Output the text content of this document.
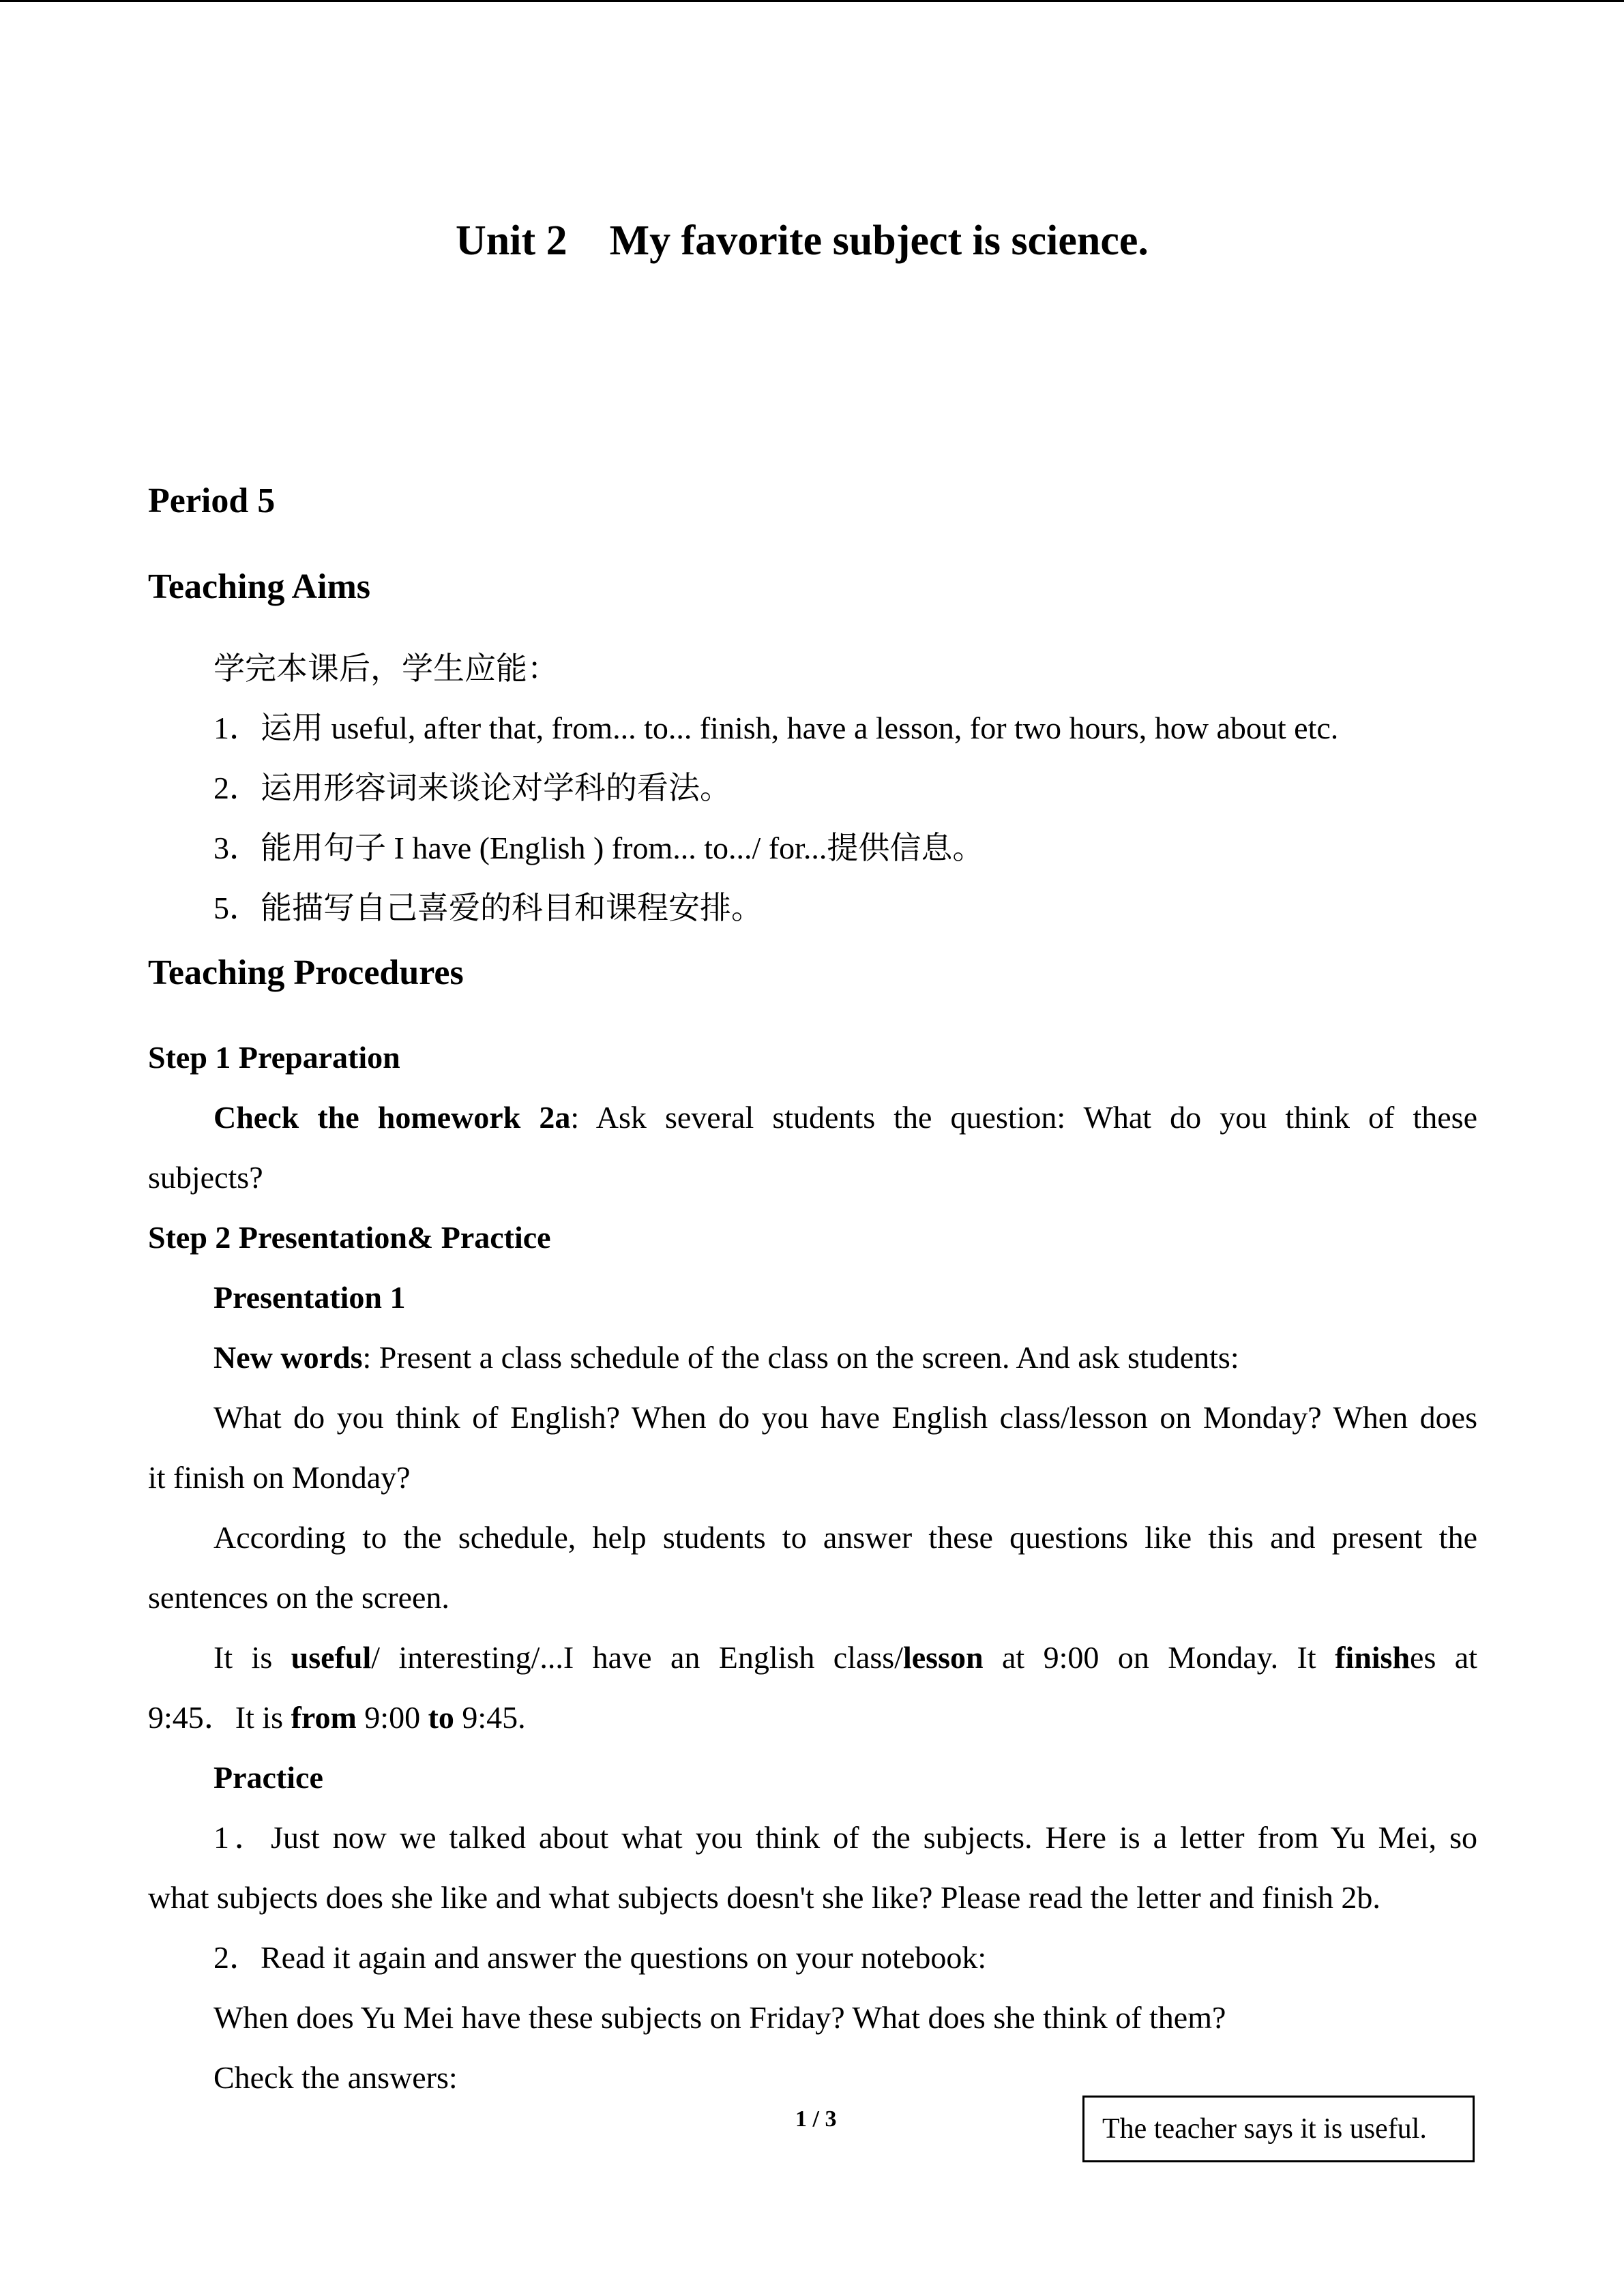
Unit 2　My favorite subject is science.
Period 5
Teaching Aims
学完本课后，学生应能：
1．运用 useful, after that, from... to... finish, have a lesson, for two hours, how about etc.
2．运用形容词来谈论对学科的看法。
3．能用句子 I have (English ) from... to.../ for...提供信息。
5．能描写自己喜爱的科目和课程安排。
Teaching Procedures
Step 1 Preparation
Check the homework 2a: Ask several students the question: What do you think of these
subjects?
Step 2 Presentation& Practice
Presentation 1
New words: Present a class schedule of the class on the screen. And ask students:
What do you think of English? When do you have English class/lesson on Monday? When does
it finish on Monday?
According to the schedule, help students to answer these questions like this and present the
sentences on the screen.
It is useful/ interesting/...I have an English class/lesson at 9:00 on Monday. It finishes at
9:45．It is from 9:00 to 9:45.
Practice
1．Just now we talked about what you think of the subjects. Here is a letter from Yu Mei, so
what subjects does she like and what subjects doesn't she like? Please read the letter and finish 2b.
2．Read it again and answer the questions on your notebook:
When does Yu Mei have these subjects on Friday? What does she think of them?
Check the answers:
1 / 3	The teacher says it is useful.
